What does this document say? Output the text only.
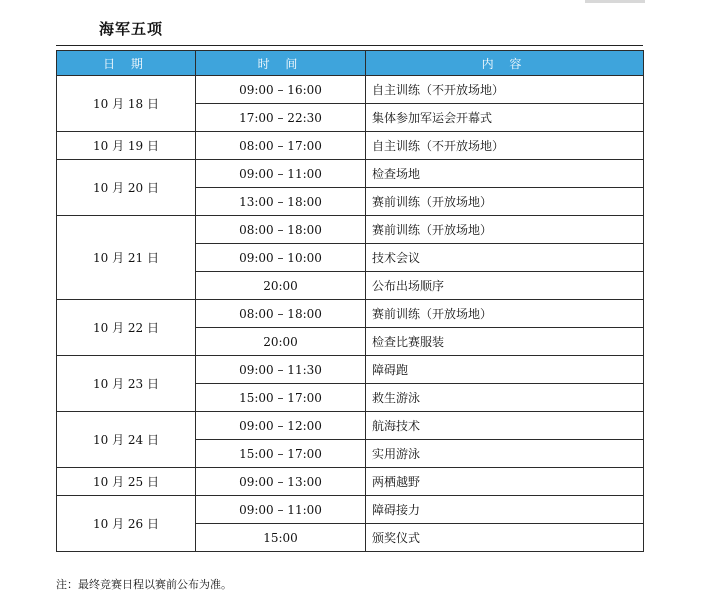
海军五项
日 期	时 间	内 容
10 月 18 日	09:00 – 16:00	自主训练（不开放场地）
	17:00 – 22:30	集体参加军运会开幕式
10 月 19 日	08:00 – 17:00	自主训练（不开放场地）
10 月 20 日	09:00 – 11:00	检查场地
	13:00 – 18:00	赛前训练（开放场地）
10 月 21 日	08:00 – 18:00	赛前训练（开放场地）
	09:00 – 10:00	技术会议
	20:00	公布出场顺序
10 月 22 日	08:00 – 18:00	赛前训练（开放场地）
	20:00	检查比赛服装
10 月 23 日	09:00 – 11:30	障碍跑
	15:00 – 17:00	救生游泳
10 月 24 日	09:00 – 12:00	航海技术
	15:00 – 17:00	实用游泳
10 月 25 日	09:00 – 13:00	两栖越野
10 月 26 日	09:00 – 11:00	障碍接力
	15:00	颁奖仪式
注：最终竞赛日程以赛前公布为准。
